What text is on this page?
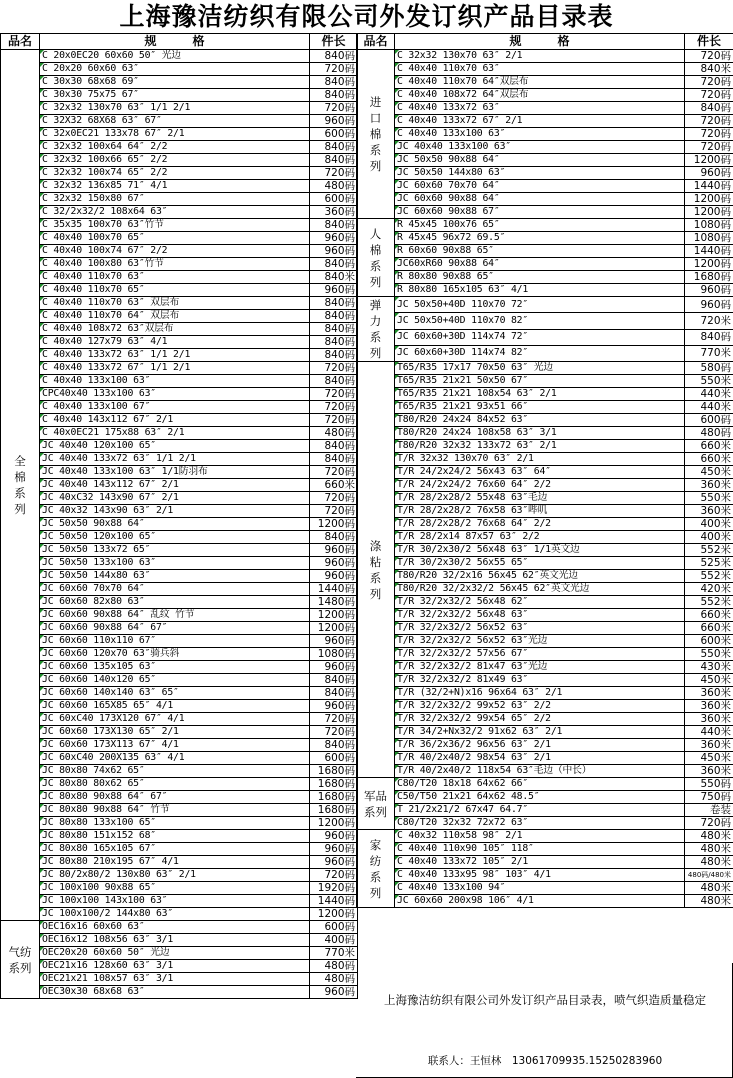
上海豫洁纺织有限公司外发订织产品目录表
品名	规　　　格	件长
全
棉
系
列	C 20x0EC20 60x60 50″ 光边	840码
	C 20x20 60x60 63″	720码
	C 30x30 68x68 69″	840码
	C 30x30 75x75 67″	840码
	C 32x32 130x70 63″ 1/1 2/1	720码
	C 32X32 68X68 63″ 67″	960码
	C 32x0EC21 133x78 67″ 2/1	600码
	C 32x32 100x64 64″ 2/2	840码
	C 32x32 100x66 65″ 2/2	840码
	C 32x32 100x74 65″ 2/2	720码
	C 32x32 136x85 71″ 4/1	480码
	C 32x32 150x80 67″	600码
	C 32/2x32/2 108x64 63″	360码
	C 35x35 100x70 63″竹节	840码
	C 40x40 100x70 65″	960码
	C 40x40 100x74 67″ 2/2	960码
	C 40x40 100x80 63″竹节	840码
	C 40x40 110x70 63″	840米
	C 40x40 110x70 65″	960码
	C 40x40 110x70 63″ 双层布	840码
	C 40x40 110x70 64″ 双层布	840码
	C 40x40 108x72 63″双层布	840码
	C 40x40 127x79 63″ 4/1	840码
	C 40x40 133x72 63″ 1/1 2/1	840码
	C 40x40 133x72 67″ 1/1 2/1	720码
	C 40x40 133x100 63″	840码
	CPC40x40 133x100 63″	720码
	C 40x40 133x100 67″	720码
	C 40x40 143x112 67″ 2/1	720码
	C 40x0EC21 175x88 63″ 2/1	480码
	JC 40x40 120x100 65″	840码
	JC 40x40 133x72 63″ 1/1 2/1	840码
	JC 40x40 133x100 63″ 1/1防羽布	720码
	JC 40x40 143x112 67″ 2/1	660米
	JC 40xC32 143x90 67″ 2/1	720码
	JC 40x32 143x90 63″ 2/1	720码
	JC 50x50 90x88 64″	1200码
	JC 50x50 120x100 65″	840码
	JC 50x50 133x72 65″	960码
	JC 50x50 133x100 63″	960码
	JC 50x50 144x80 63″	960码
	JC 60x60 70x70 64″	1440码
	JC 60x60 82x80 63″	1480码
	JC 60x60 90x88 64″ 乱纹 竹节	1200码
	JC 60x60 90x88 64″ 67″	1200码
	JC 60x60 110x110 67″	960码
	JC 60x60 120x70 63″骑兵斜	1080码
	JC 60x60 135x105 63″	960码
	JC 60x60 140x120 65″	840码
	JC 60x60 140x140 63″ 65″	840码
	JC 60x60 165X85 65″ 4/1	960码
	JC 60xC40 173X120 67″ 4/1	720码
	JC 60x60 173X130 65″ 2/1	720码
	JC 60x60 173X113 67″ 4/1	840码
	JC 60xC40 200X135 63″ 4/1	600码
	JC 80x80 74x62 65″	1680码
	JC 80x80 80x62 65″	1680码
	JC 80x80 90x88 64″ 67″	1680码
	JC 80x80 90x88 64″ 竹节	1680码
	JC 80x80 133x100 65″	1200码
	JC 80x80 151x152 68″	960码
	JC 80x80 165x105 67″	960码
	JC 80x80 210x195 67″ 4/1	960码
	JC 80/2x80/2 130x80 63″ 2/1	720码
	JC 100x100 90x88 65″	1920码
	JC 100x100 143x100 63″	1440码
	JC 100x100/2 144x80 63″	1200码
气纺
系列	OEC16x16 60x60 63″	600码
	OEC16x12 108x56 63″ 3/1	400码
	OEC20x20 60x60 50″ 光边	770米
	OEC21x16 128x60 63″ 3/1	480码
	OEC21x21 108x57 63″ 3/1	480码
	OEC30x30 68x68 63″	960码
品名	规　　　格	件长
进
口
棉
系
列	C 32x32 130x70 63″ 2/1	720码
	C 40x40 110x70 63″	840米
	C 40x40 110x70 64″双层布	720码
	C 40x40 108x72 64″双层布	720码
	C 40x40 133x72 63″	840码
	C 40x40 133x72 67″ 2/1	720码
	C 40x40 133x100 63″	720码
	JC 40x40 133x100 63″	720码
	JC 50x50 90x88 64″	1200码
	JC 50x50 144x80 63″	960码
	JC 60x60 70x70 64″	1440码
	JC 60x60 90x88 64″	1200码
	JC 60x60 90x88 67″	1200码
人
棉
系
列	R 45x45 100x76 65″	1080码
	R 45x45 96x72 69.5″	1080码
	R 60x60 90x88 65″	1440码
	JC60xR60 90x88 64″	1200码
	R 80x80 90x88 65″	1680码
	R 80x80 165x105 63″ 4/1	960码
弹
力
系
列	JC 50x50+40D 110x70 72″	960码
	JC 50x50+40D 110x70 82″	720米
	JC 60x60+30D 114x74 72″	840码
	JC 60x60+30D 114x74 82″	770米
涤
粘
系
列	T65/R35 17x17 70x50 63″ 光边	580码
	T65/R35 21x21 50x50 67″	550米
	T65/R35 21x21 108x54 63″ 2/1	440米
	T65/R35 21x21 93x51 66″	440米
	T80/R20 24x24 84x52 63″	600码
	T80/R20 24x24 108x58 63″ 3/1	480码
	T80/R20 32x32 133x72 63″ 2/1	660米
	T/R 32x32 130x70 63″ 2/1	660米
	T/R 24/2x24/2 56x43 63″ 64″	450米
	T/R 24/2x24/2 76x60 64″ 2/2	360米
	T/R 28/2x28/2 55x48 63″毛边	550米
	T/R 28/2x28/2 76x58 63″哔叽	360米
	T/R 28/2x28/2 76x68 64″ 2/2	400米
	T/R 28/2x14 87x57 63″ 2/2	400米
	T/R 30/2x30/2 56x48 63″ 1/1英文边	552米
	T/R 30/2x30/2 56x55 65″	525米
	T80/R20 32/2x16 56x45 62″英文光边	552米
	T80/R20 32/2x32/2 56x45 62″英文光边	420米
	T/R 32/2x32/2 56x48 62″	552米
	T/R 32/2x32/2 56x48 63″	660米
	T/R 32/2x32/2 56x52 63″	660米
	T/R 32/2x32/2 56x52 63″光边	600米
	T/R 32/2x32/2 57x56 67″	550米
	T/R 32/2x32/2 81x47 63″光边	430米
	T/R 32/2x32/2 81x49 63″	450米
	T/R (32/2+N)x16 96x64 63″ 2/1	360米
	T/R 32/2x32/2 99x52 63″ 2/2	360米
	T/R 32/2x32/2 99x54 65″ 2/2	360米
	T/R 34/2+Nx32/2 91x62 63″ 2/1	440米
	T/R 36/2x36/2 96x56 63″ 2/1	360米
	T/R 40/2x40/2 98x54 63″ 2/1	450米
	T/R 40/2x40/2 118x54 63″毛边（中长）	360米
军品
系列	C80/T20 18x18 64x62 66″	550码
	C50/T50 21x21 64x62 48.5″	750码
	T 21/2x21/2 67x47 64.7″	卷装
	C80/T20 32x32 72x72 63″	720码
家
纺
系
列	C 40x32 110x58 98″ 2/1	480米
	C 40x40 110x90 105″ 118″	480米
	C 40x40 133x72 105″ 2/1	480米
	C 40x40 133x95 98″ 103″ 4/1	480码/480米
	C 40x40 133x100 94″	480米
	JC 60x60 200x98 106″ 4/1	480米
上海豫洁纺织有限公司外发订织产品目录表，喷气织造质量稳定
联系人：王恒林　13061709935.15250283960
